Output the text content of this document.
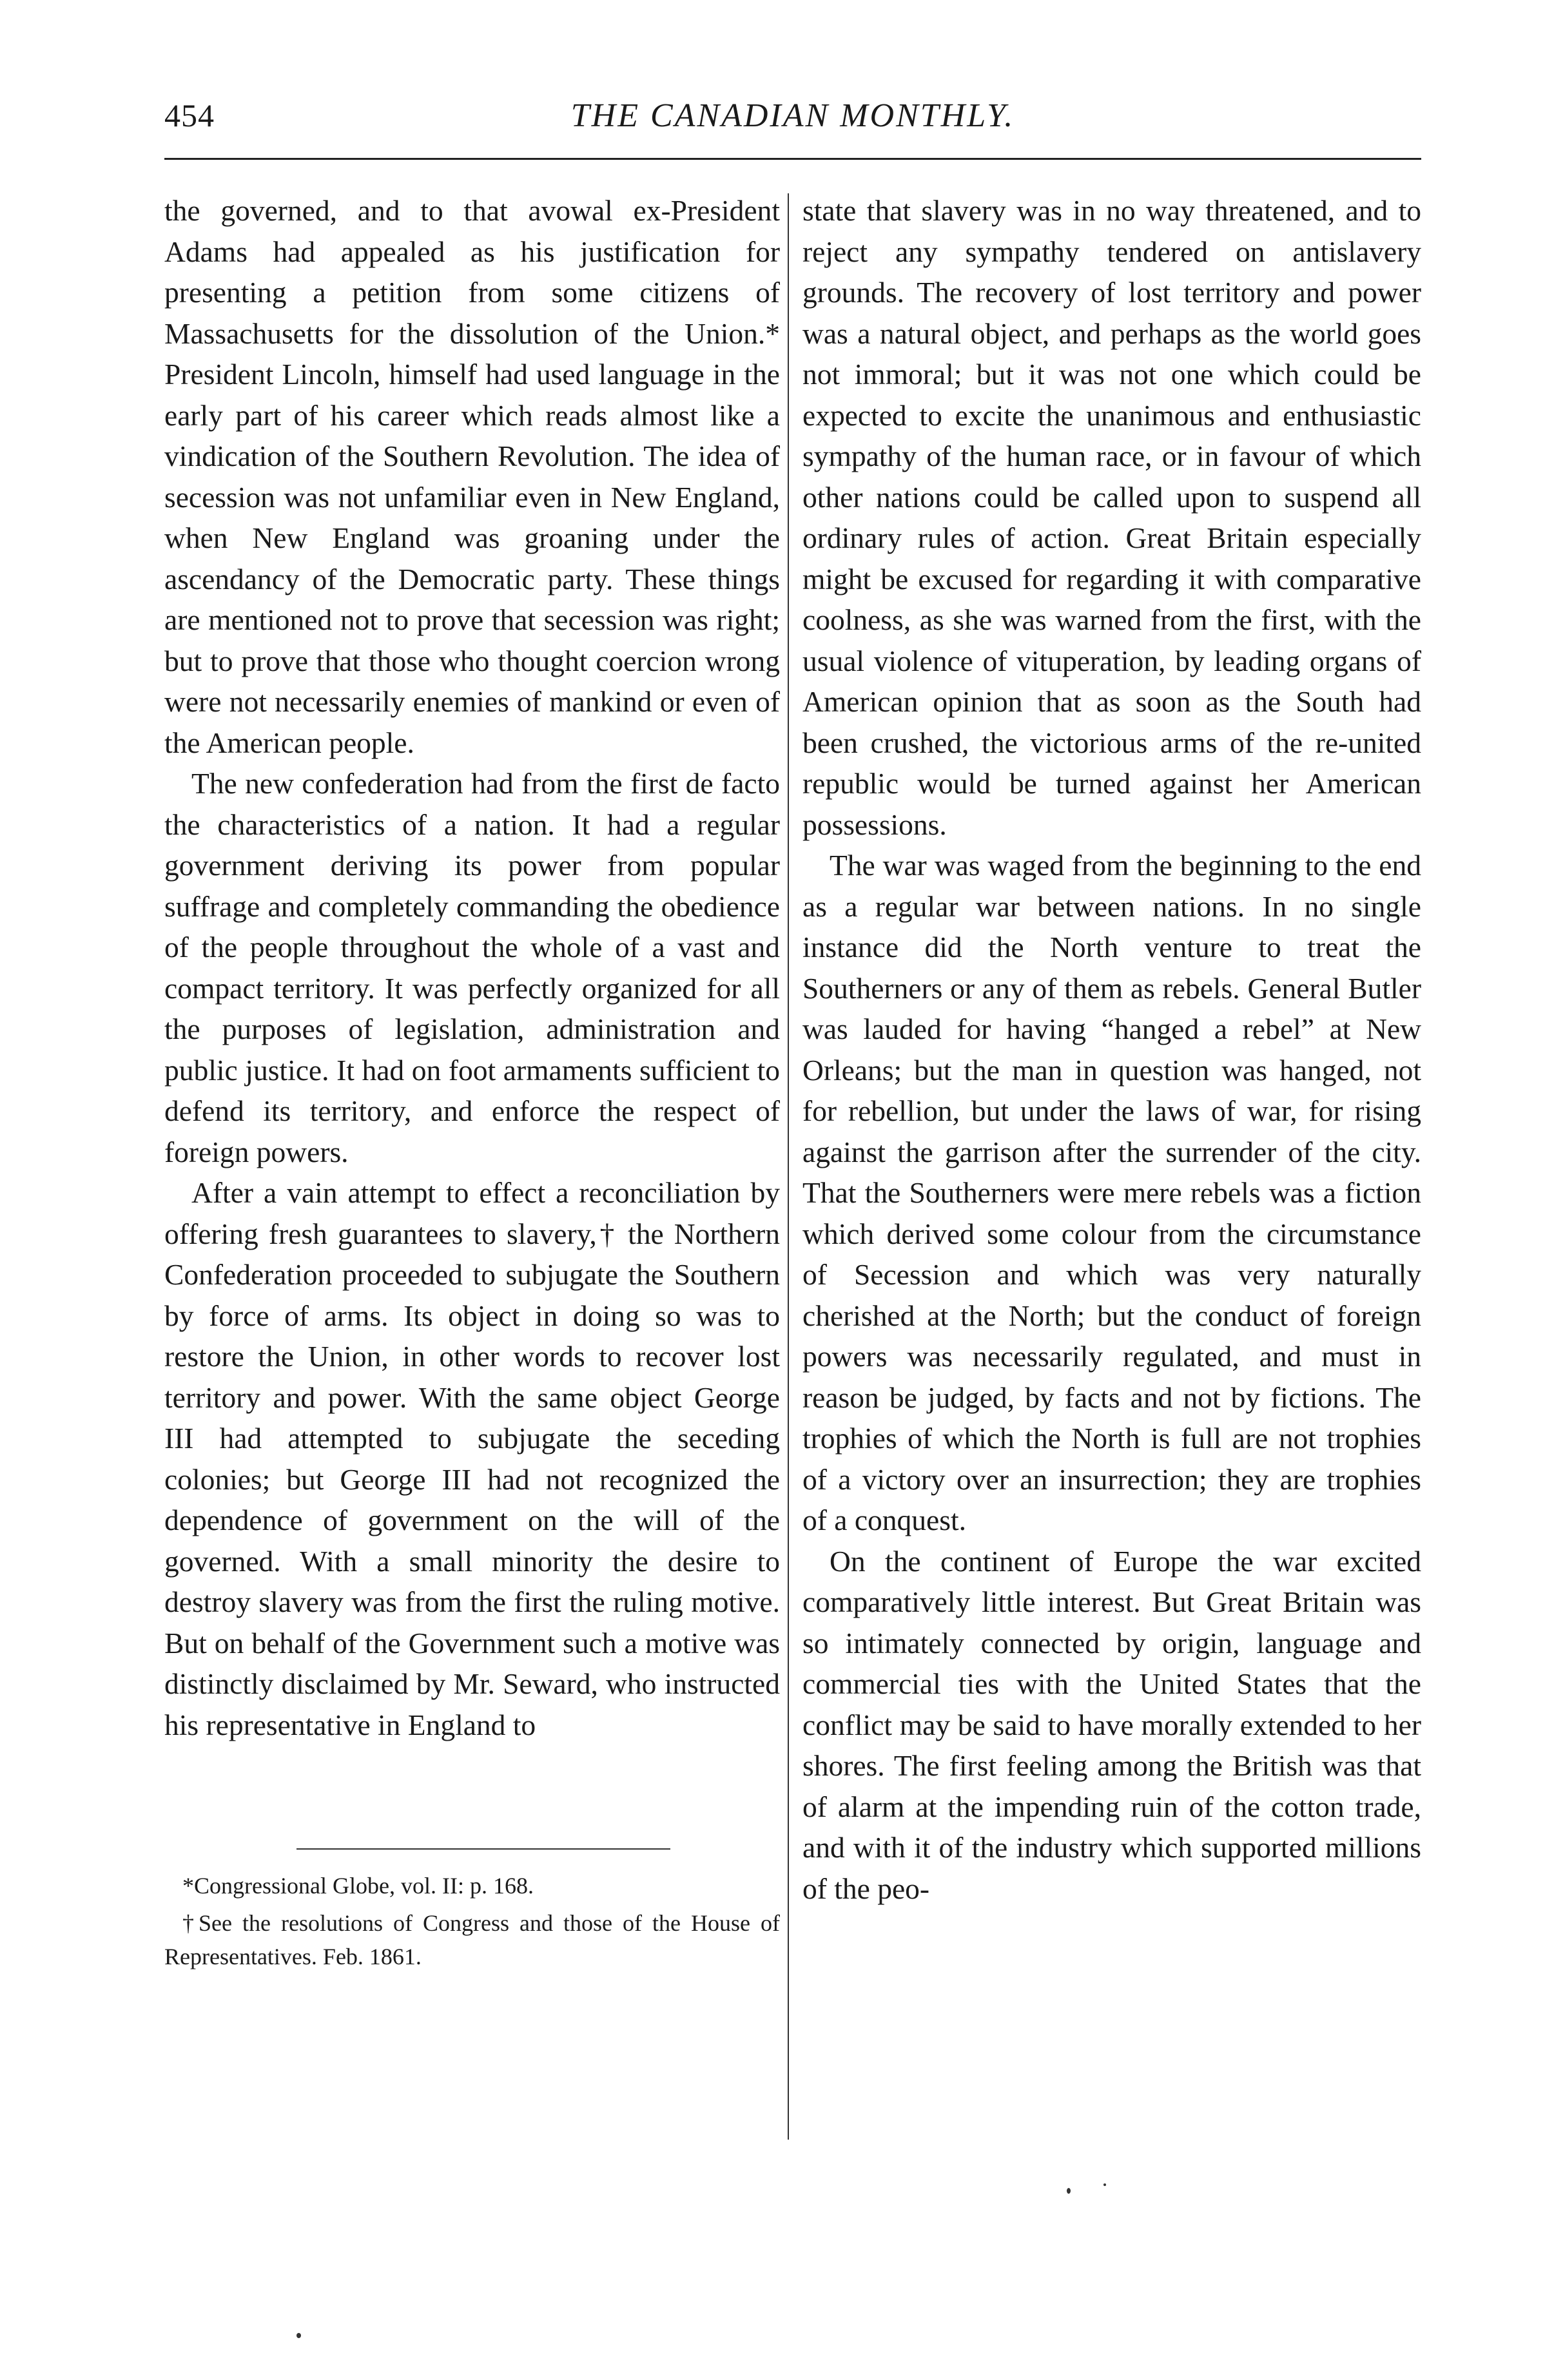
454	THE CANADIAN MONTHLY.

the governed, and to that avowal ex-President Adams had appealed as his justification for presenting a petition from some citizens of Massachusetts for the dissolution of the Union.* President Lincoln, himself had used language in the early part of his career which reads almost like a vindication of the Southern Revolution. The idea of secession was not unfamiliar even in New England, when New England was groaning under the ascendancy of the Democratic party. These things are mentioned not to prove that secession was right; but to prove that those who thought coercion wrong were not necessarily enemies of mankind or even of the American people.

The new confederation had from the first de facto the characteristics of a nation. It had a regular government deriving its power from popular suffrage and completely commanding the obedience of the people throughout the whole of a vast and compact territory. It was perfectly organized for all the purposes of legislation, administration and public justice. It had on foot armaments sufficient to defend its territory, and enforce the respect of foreign powers.

After a vain attempt to effect a reconciliation by offering fresh guarantees to slavery,† the Northern Confederation proceeded to subjugate the Southern by force of arms. Its object in doing so was to restore the Union, in other words to recover lost territory and power. With the same object George III had attempted to subjugate the seceding colonies; but George III had not recognized the dependence of government on the will of the governed. With a small minority the desire to destroy slavery was from the first the ruling motive. But on behalf of the Government such a motive was distinctly disclaimed by Mr. Seward, who instructed his representative in England to

*Congressional Globe, vol. II: p. 168.

†See the resolutions of Congress and those of the House of Representatives. Feb. 1861.

state that slavery was in no way threatened, and to reject any sympathy tendered on antislavery grounds. The recovery of lost territory and power was a natural object, and perhaps as the world goes not immoral; but it was not one which could be expected to excite the unanimous and enthusiastic sympathy of the human race, or in favour of which other nations could be called upon to suspend all ordinary rules of action. Great Britain especially might be excused for regarding it with comparative coolness, as she was warned from the first, with the usual violence of vituperation, by leading organs of American opinion that as soon as the South had been crushed, the victorious arms of the re-united republic would be turned against her American possessions.

The war was waged from the beginning to the end as a regular war between nations. In no single instance did the North venture to treat the Southerners or any of them as rebels. General Butler was lauded for having “hanged a rebel” at New Orleans; but the man in question was hanged, not for rebellion, but under the laws of war, for rising against the garrison after the surrender of the city. That the Southerners were mere rebels was a fiction which derived some colour from the circumstance of Secession and which was very naturally cherished at the North; but the conduct of foreign powers was necessarily regulated, and must in reason be judged, by facts and not by fictions. The trophies of which the North is full are not trophies of a victory over an insurrection; they are trophies of a conquest.

On the continent of Europe the war excited comparatively little interest. But Great Britain was so intimately connected by origin, language and commercial ties with the United States that the conflict may be said to have morally extended to her shores. The first feeling among the British was that of alarm at the impending ruin of the cotton trade, and with it of the industry which supported millions of the peo-
